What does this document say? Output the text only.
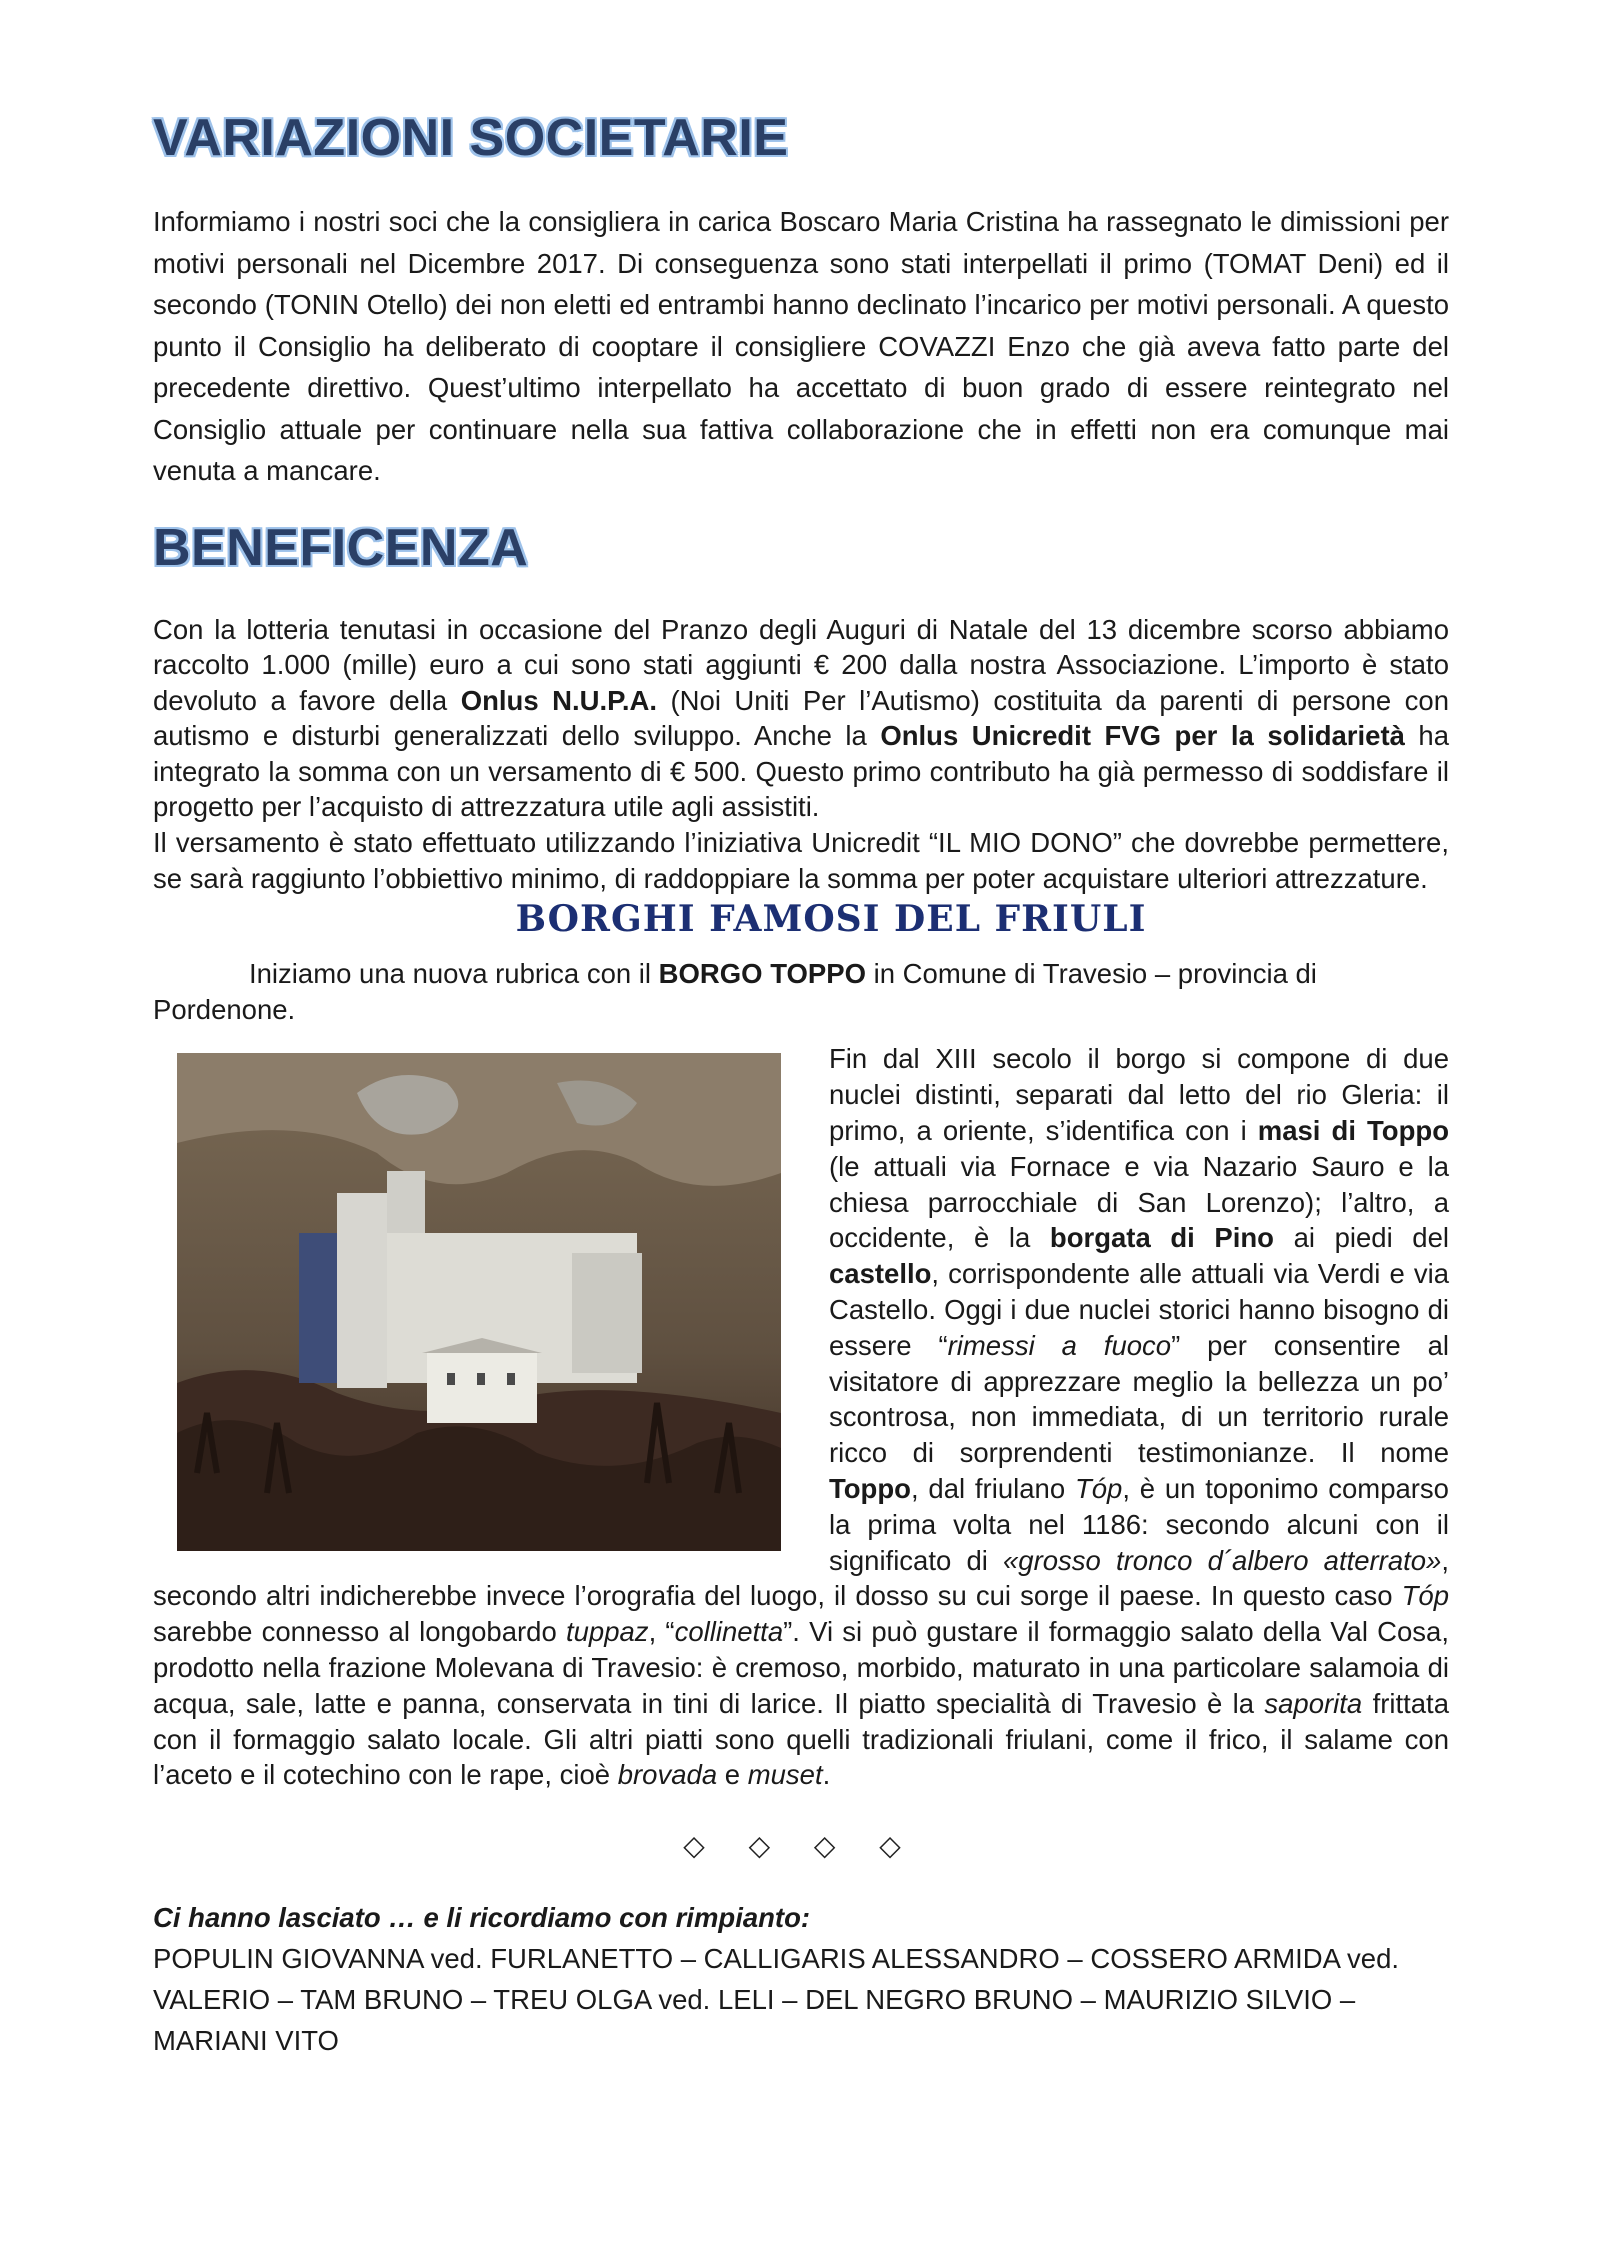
VARIAZIONI SOCIETARIE

Informiamo i nostri soci che la consigliera in carica Boscaro Maria Cristina ha rassegnato le dimissioni per motivi personali nel Dicembre 2017. Di conseguenza sono stati interpellati il primo (TOMAT Deni) ed il secondo (TONIN Otello) dei non eletti ed entrambi hanno declinato l’incarico per motivi personali. A questo punto il Consiglio ha deliberato di cooptare il consigliere COVAZZI Enzo che già aveva fatto parte del precedente direttivo. Quest’ultimo interpellato ha accettato di buon grado di essere reintegrato nel Consiglio attuale per continuare nella sua fattiva collaborazione che in effetti non era comunque mai venuta a mancare.

BENEFICENZA

Con la lotteria tenutasi in occasione del Pranzo degli Auguri di Natale del 13 dicembre scorso abbiamo raccolto 1.000 (mille) euro a cui sono stati aggiunti € 200 dalla nostra Associazione. L’importo è stato devoluto a favore della Onlus N.U.P.A. (Noi Uniti Per l’Autismo) costituita da parenti di persone con autismo e disturbi generalizzati dello sviluppo. Anche la Onlus Unicredit FVG per la solidarietà ha integrato la somma con un versamento di € 500. Questo primo contributo ha già permesso di soddisfare il progetto per l’acquisto di attrezzatura utile agli assistiti.

Il versamento è stato effettuato utilizzando l’iniziativa Unicredit “IL MIO DONO” che dovrebbe permettere, se sarà raggiunto l’obbiettivo minimo, di raddoppiare la somma per poter acquistare ulteriori attrezzature.

BORGHI FAMOSI DEL FRIULI

Iniziamo una nuova rubrica con il BORGO TOPPO in Comune di Travesio – provincia di Pordenone.

Fin dal XIII secolo il borgo si compone di due nuclei distinti, separati dal letto del rio Gleria: il primo, a oriente, s’identifica con i masi di Toppo (le attuali via Fornace e via Nazario Sauro e la chiesa parrocchiale di San Lorenzo); l’altro, a occidente, è la borgata di Pino ai piedi del castello, corrispondente alle attuali via Verdi e via Castello. Oggi i due nuclei storici hanno bisogno di essere “rimessi a fuoco” per consentire al visitatore di apprezzare meglio la bellezza un po’ scontrosa, non immediata, di un territorio rurale ricco di sorprendenti testimonianze. Il nome Toppo, dal friulano Tóp, è un toponimo comparso la prima volta nel 1186: secondo alcuni con il significato di «grosso tronco d´albero atterrato», secondo altri indicherebbe invece l’orografia del luogo, il dosso su cui sorge il paese. In questo caso Tóp sarebbe connesso al longobardo tuppaz, “collinetta”. Vi si può gustare il formaggio salato della Val Cosa, prodotto nella frazione Molevana di Travesio: è cremoso, morbido, maturato in una particolare salamoia di acqua, sale, latte e panna, conservata in tini di larice. Il piatto specialità di Travesio è la saporita frittata con il formaggio salato locale. Gli altri piatti sono quelli tradizionali friulani, come il frico, il salame con l’aceto e il cotechino con le rape, cioè brovada e muset.
◇ ◇ ◇ ◇
Ci hanno lasciato … e li ricordiamo con rimpianto:

POPULIN GIOVANNA ved. FURLANETTO – CALLIGARIS ALESSANDRO – COSSERO ARMIDA ved. VALERIO – TAM BRUNO – TREU OLGA ved. LELI – DEL NEGRO BRUNO – MAURIZIO SILVIO – MARIANI VITO
